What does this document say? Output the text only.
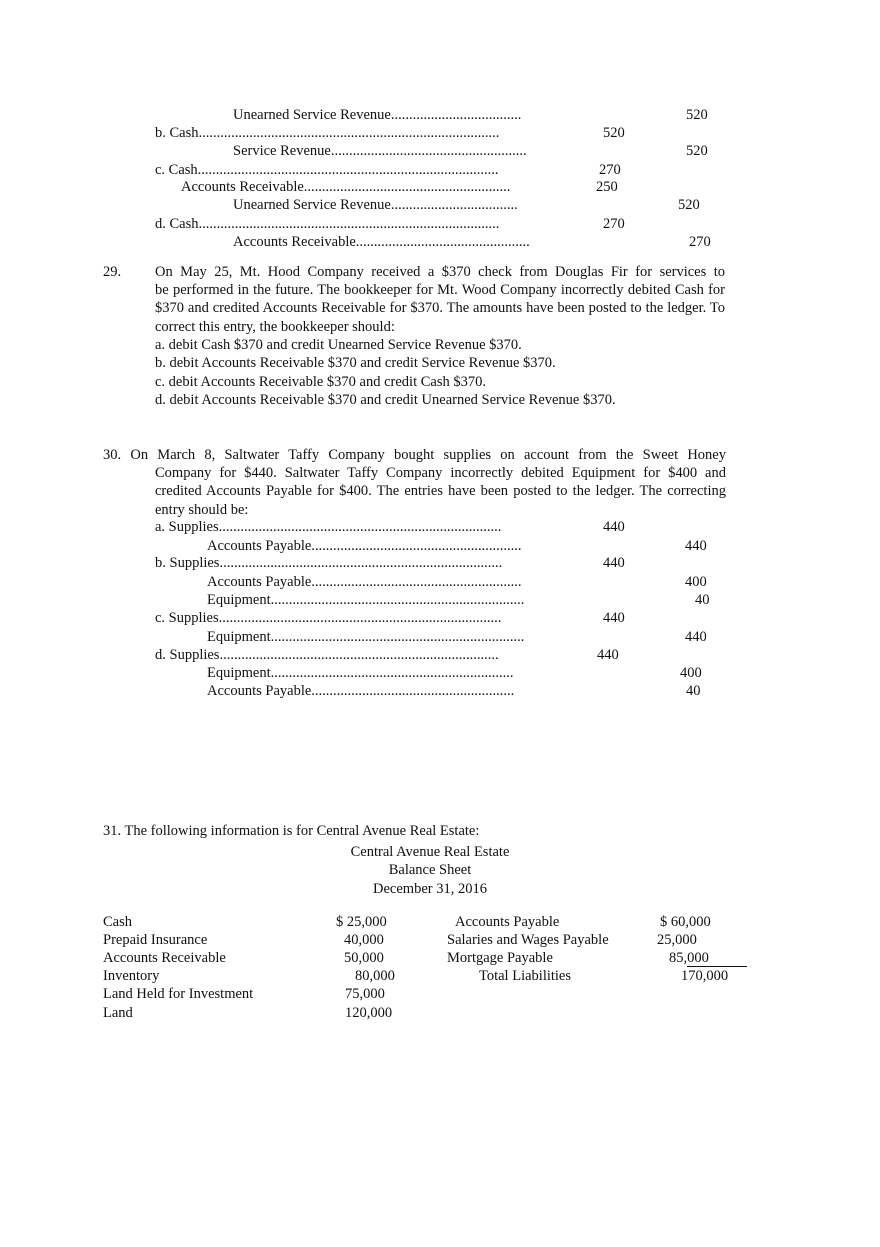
Unearned Service Revenue....................................	520
b. Cash...................................................................................	520
Service Revenue......................................................	520
c. Cash...................................................................................	270
Accounts Receivable.........................................................	250
Unearned Service Revenue...................................	520
d. Cash...................................................................................	270
Accounts Receivable................................................	270
29. On May 25, Mt. Hood Company received a $370 check from Douglas Fir for services to
be performed in the future. The bookkeeper for Mt. Wood Company incorrectly debited Cash for $370 and credited Accounts Receivable for $370. The amounts have been posted to the ledger. To correct this entry, the bookkeeper should:
a. debit Cash $370 and credit Unearned Service Revenue $370.
b. debit Accounts Receivable $370 and credit Service Revenue $370.
c. debit Accounts Receivable $370 and credit Cash $370.
d. debit Accounts Receivable $370 and credit Unearned Service Revenue $370.
30. On March 8, Saltwater Taffy Company bought supplies on account from the Sweet Honey
Company for $440. Saltwater Taffy Company incorrectly debited Equipment for $400 and credited Accounts Payable for $400. The entries have been posted to the ledger. The correcting entry should be:
a. Supplies..............................................................................	440
Accounts Payable..........................................................	440
b. Supplies..............................................................................	440
Accounts Payable..........................................................	400
Equipment......................................................................	40
c. Supplies..............................................................................	440
Equipment......................................................................	440
d. Supplies.............................................................................	440
Equipment...................................................................	400
Accounts Payable........................................................	40
31. The following information is for Central Avenue Real Estate:
Central Avenue Real Estate
Balance Sheet
December 31, 2016
Cash	$ 25,000
Prepaid Insurance	40,000
Accounts Receivable	50,000
Inventory	80,000
Land Held for Investment	75,000
Land	120,000
Accounts Payable	$ 60,000
Salaries and Wages Payable	25,000
Mortgage Payable	85,000
Total Liabilities	170,000
